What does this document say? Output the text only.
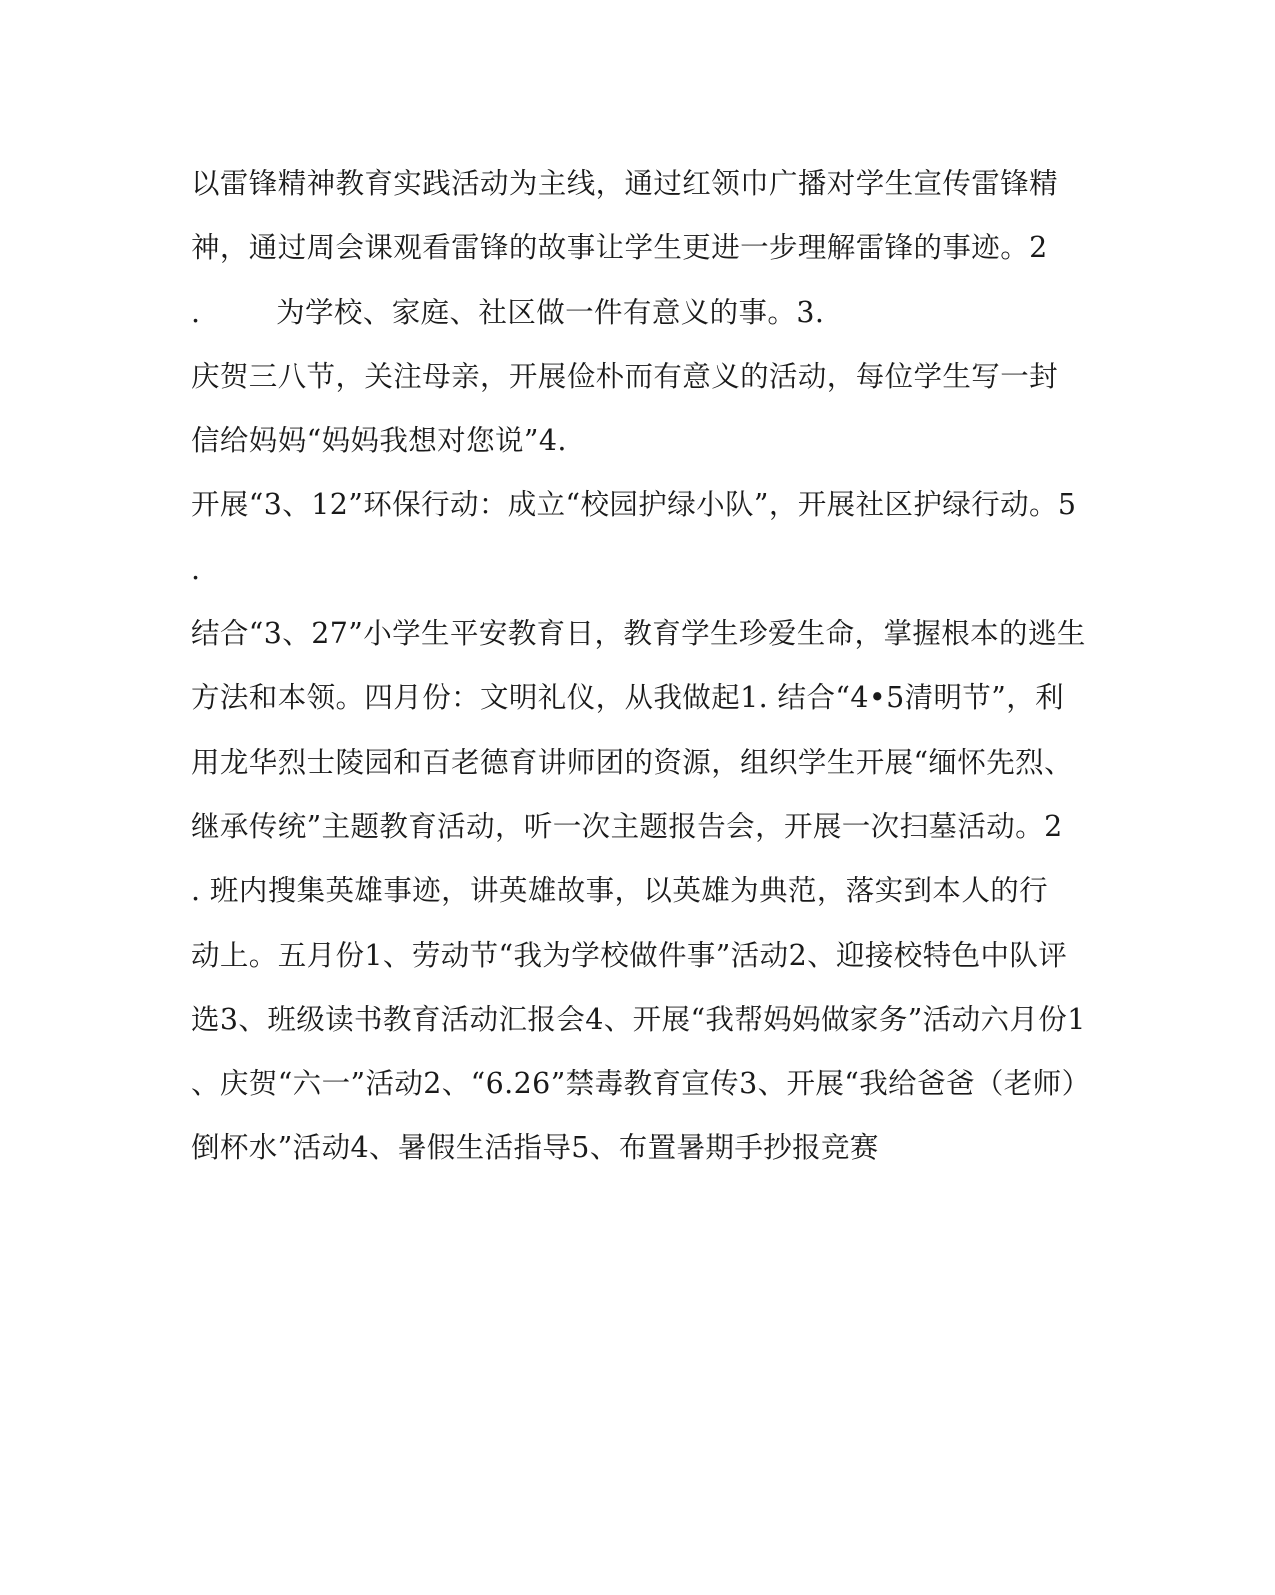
以雷锋精神教育实践活动为主线，通过红领巾广播对学生宣传雷锋精
神，通过周会课观看雷锋的故事让学生更进一步理解雷锋的事迹。2
.        为学校、家庭、社区做一件有意义的事。3.
庆贺三八节，关注母亲，开展俭朴而有意义的活动，每位学生写一封
信给妈妈“妈妈我想对您说”4.
开展“3、12”环保行动：成立“校园护绿小队”，开展社区护绿行动。5
.
结合“3、27”小学生平安教育日，教育学生珍爱生命，掌握根本的逃生
方法和本领。四月份：文明礼仪，从我做起1. 结合“4•5清明节”，利
用龙华烈士陵园和百老德育讲师团的资源，组织学生开展“缅怀先烈、
继承传统”主题教育活动，听一次主题报告会，开展一次扫墓活动。2
. 班内搜集英雄事迹，讲英雄故事，以英雄为典范，落实到本人的行
动上。五月份1、劳动节“我为学校做件事”活动2、迎接校特色中队评
选3、班级读书教育活动汇报会4、开展“我帮妈妈做家务”活动六月份1
、庆贺“六一”活动2、“6.26”禁毒教育宣传3、开展“我给爸爸（老师）
倒杯水”活动4、暑假生活指导5、布置暑期手抄报竞赛
